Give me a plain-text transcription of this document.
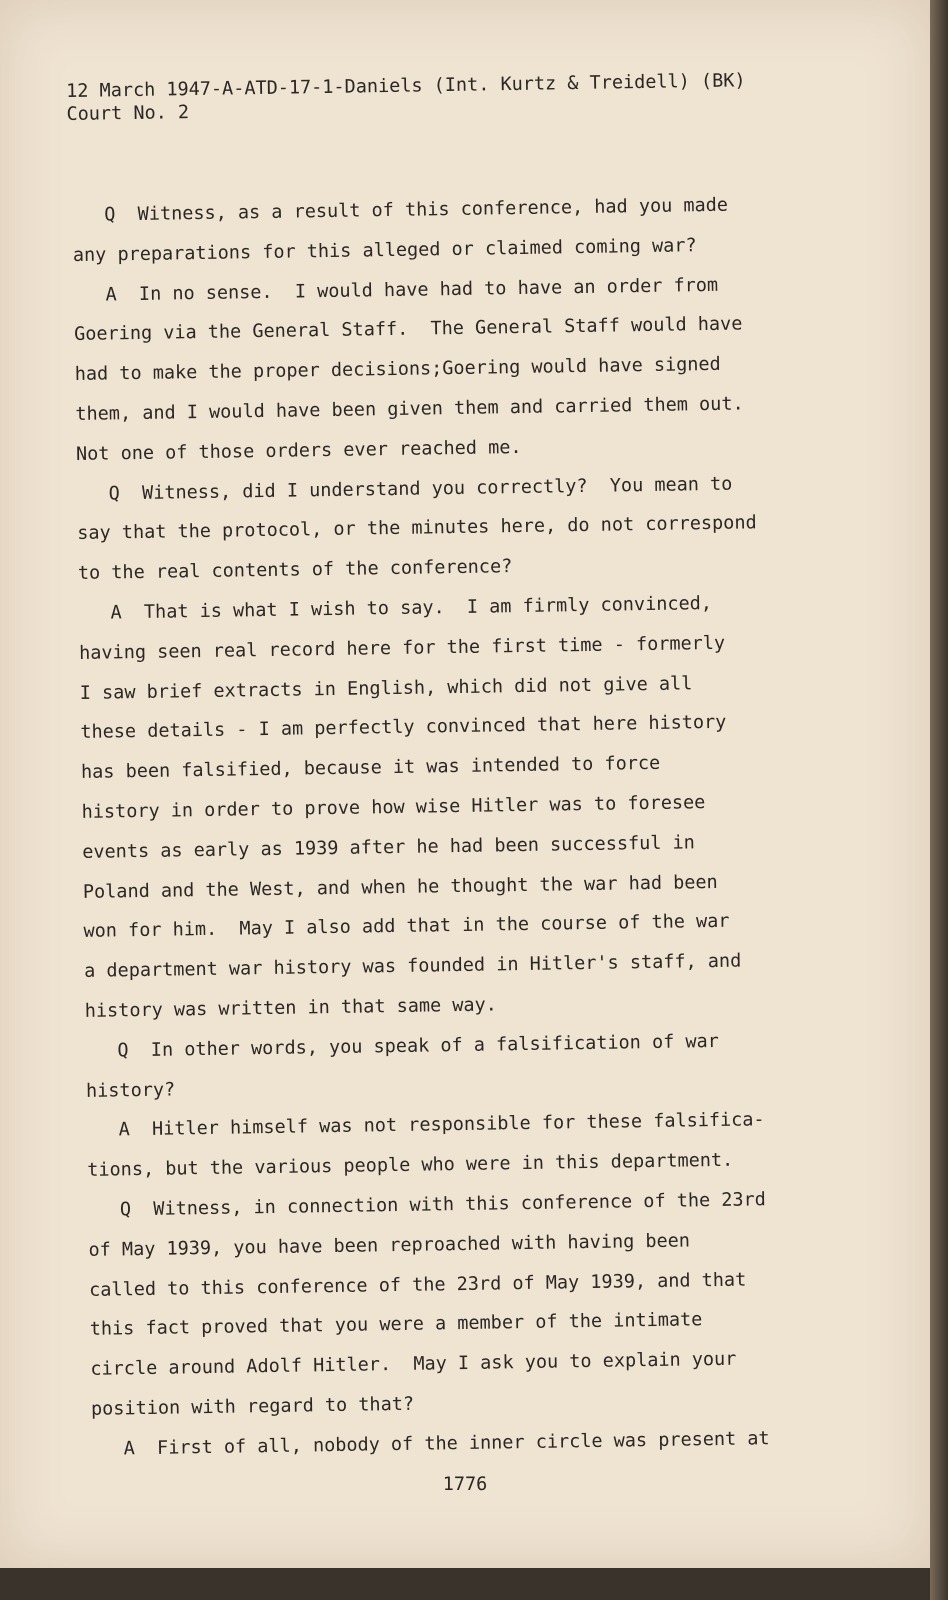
12 March 1947-A-ATD-17-1-Daniels (Int. Kurtz & Treidell) (BK)
Court No. 2
Q  Witness, as a result of this conference, had you made
any preparations for this alleged or claimed coming war?
A  In no sense.  I would have had to have an order from
Goering via the General Staff.  The General Staff would have
had to make the proper decisions;Goering would have signed
them, and I would have been given them and carried them out.
Not one of those orders ever reached me.
Q  Witness, did I understand you correctly?  You mean to
say that the protocol, or the minutes here, do not correspond
to the real contents of the conference?
A  That is what I wish to say.  I am firmly convinced,
having seen real record here for the first time - formerly
I saw brief extracts in English, which did not give all
these details - I am perfectly convinced that here history
has been falsified, because it was intended to force
history in order to prove how wise Hitler was to foresee
events as early as 1939 after he had been successful in
Poland and the West, and when he thought the war had been
won for him.  May I also add that in the course of the war
a department war history was founded in Hitler's staff, and
history was written in that same way.
Q  In other words, you speak of a falsification of war
history?
A  Hitler himself was not responsible for these falsifica-
tions, but the various people who were in this department.
Q  Witness, in connection with this conference of the 23rd
of May 1939, you have been reproached with having been
called to this conference of the 23rd of May 1939, and that
this fact proved that you were a member of the intimate
circle around Adolf Hitler.  May I ask you to explain your
position with regard to that?
A  First of all, nobody of the inner circle was present at
1776
